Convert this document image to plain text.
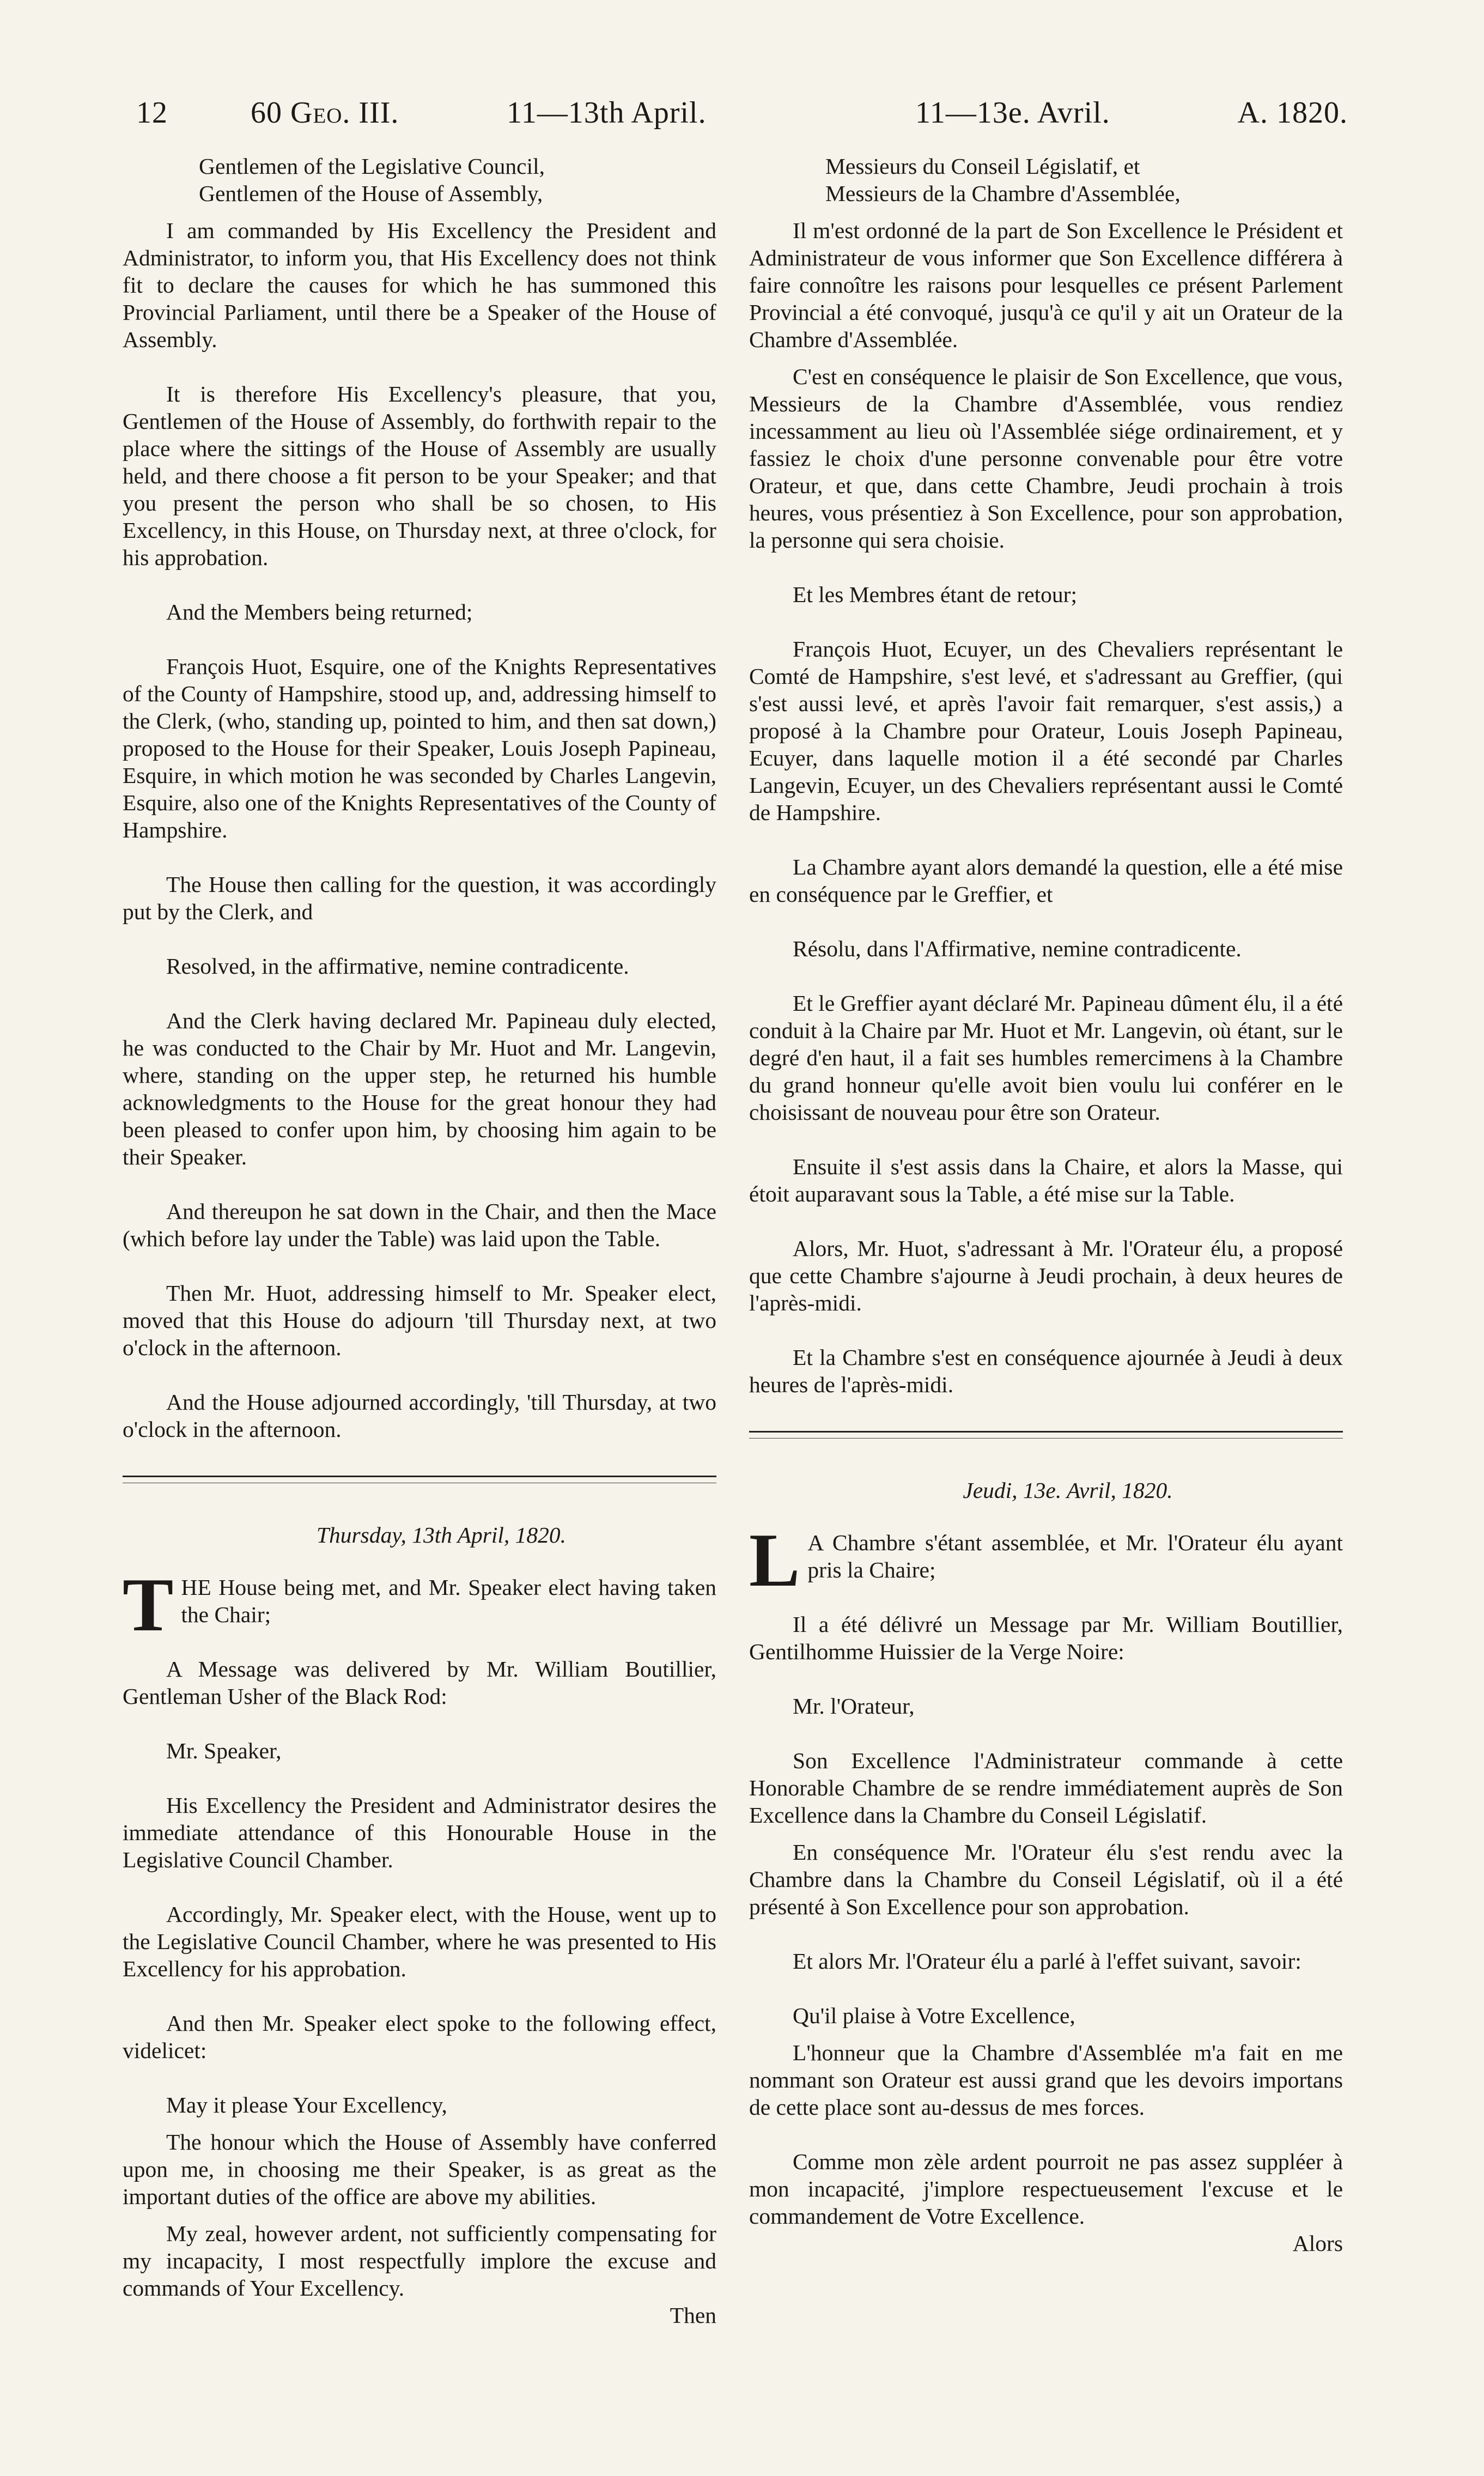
12	60 Geo. III.	11—13th April.	11—13e. Avril.	A. 1820.

Gentlemen of the Legislative Council,

Gentlemen of the House of Assembly,

I am commanded by His Excellency the President and Administrator, to inform you, that His Excellency does not think fit to declare the causes for which he has summoned this Provincial Parliament, until there be a Speaker of the House of Assembly.

It is therefore His Excellency's pleasure, that you, Gentlemen of the House of Assembly, do forthwith repair to the place where the sittings of the House of Assembly are usually held, and there choose a fit person to be your Speaker; and that you present the person who shall be so chosen, to His Excellency, in this House, on Thursday next, at three o'clock, for his approbation.

And the Members being returned;

François Huot, Esquire, one of the Knights Representatives of the County of Hampshire, stood up, and, addressing himself to the Clerk, (who, standing up, pointed to him, and then sat down,) proposed to the House for their Speaker, Louis Joseph Papineau, Esquire, in which motion he was seconded by Charles Langevin, Esquire, also one of the Knights Representatives of the County of Hampshire.

The House then calling for the question, it was accordingly put by the Clerk, and

Resolved, in the affirmative, nemine contradicente.

And the Clerk having declared Mr. Papineau duly elected, he was conducted to the Chair by Mr. Huot and Mr. Langevin, where, standing on the upper step, he returned his humble acknowledgments to the House for the great honour they had been pleased to confer upon him, by choosing him again to be their Speaker.

And thereupon he sat down in the Chair, and then the Mace (which before lay under the Table) was laid upon the Table.

Then Mr. Huot, addressing himself to Mr. Speaker elect, moved that this House do adjourn 'till Thursday next, at two o'clock in the afternoon.

And the House adjourned accordingly, 'till Thursday, at two o'clock in the afternoon.

Thursday, 13th April, 1820.

THE House being met, and Mr. Speaker elect having taken the Chair;

A Message was delivered by Mr. William Boutillier, Gentleman Usher of the Black Rod:

Mr. Speaker,

His Excellency the President and Administrator desires the immediate attendance of this Honourable House in the Legislative Council Chamber.

Accordingly, Mr. Speaker elect, with the House, went up to the Legislative Council Chamber, where he was presented to His Excellency for his approbation.

And then Mr. Speaker elect spoke to the following effect, videlicet:

May it please Your Excellency,

The honour which the House of Assembly have conferred upon me, in choosing me their Speaker, is as great as the important duties of the office are above my abilities.

My zeal, however ardent, not sufficiently compensating for my incapacity, I most respectfully implore the excuse and commands of Your Excellency.

Then

Messieurs du Conseil Législatif, et

Messieurs de la Chambre d'Assemblée,

Il m'est ordonné de la part de Son Excellence le Président et Administrateur de vous informer que Son Excellence différera à faire connoître les raisons pour lesquelles ce présent Parlement Provincial a été convoqué, jusqu'à ce qu'il y ait un Orateur de la Chambre d'Assemblée.

C'est en conséquence le plaisir de Son Excellence, que vous, Messieurs de la Chambre d'Assemblée, vous rendiez incessamment au lieu où l'Assemblée siége ordinairement, et y fassiez le choix d'une personne convenable pour être votre Orateur, et que, dans cette Chambre, Jeudi prochain à trois heures, vous présentiez à Son Excellence, pour son approbation, la personne qui sera choisie.

Et les Membres étant de retour;

François Huot, Ecuyer, un des Chevaliers représentant le Comté de Hampshire, s'est levé, et s'adressant au Greffier, (qui s'est aussi levé, et après l'avoir fait remarquer, s'est assis,) a proposé à la Chambre pour Orateur, Louis Joseph Papineau, Ecuyer, dans laquelle motion il a été secondé par Charles Langevin, Ecuyer, un des Chevaliers représentant aussi le Comté de Hampshire.

La Chambre ayant alors demandé la question, elle a été mise en conséquence par le Greffier, et

Résolu, dans l'Affirmative, nemine contradicente.

Et le Greffier ayant déclaré Mr. Papineau dûment élu, il a été conduit à la Chaire par Mr. Huot et Mr. Langevin, où étant, sur le degré d'en haut, il a fait ses humbles remercimens à la Chambre du grand honneur qu'elle avoit bien voulu lui conférer en le choisissant de nouveau pour être son Orateur.

Ensuite il s'est assis dans la Chaire, et alors la Masse, qui étoit auparavant sous la Table, a été mise sur la Table.

Alors, Mr. Huot, s'adressant à Mr. l'Orateur élu, a proposé que cette Chambre s'ajourne à Jeudi prochain, à deux heures de l'après-midi.

Et la Chambre s'est en conséquence ajournée à Jeudi à deux heures de l'après-midi.

Jeudi, 13e. Avril, 1820.

L A Chambre s'étant assemblée, et Mr. l'Orateur élu ayant pris la Chaire;

Il a été délivré un Message par Mr. William Boutillier, Gentilhomme Huissier de la Verge Noire:

Mr. l'Orateur,

Son Excellence l'Administrateur commande à cette Honorable Chambre de se rendre immédiatement auprès de Son Excellence dans la Chambre du Conseil Législatif.

En conséquence Mr. l'Orateur élu s'est rendu avec la Chambre dans la Chambre du Conseil Législatif, où il a été présenté à Son Excellence pour son approbation.

Et alors Mr. l'Orateur élu a parlé à l'effet suivant, savoir:

Qu'il plaise à Votre Excellence,

L'honneur que la Chambre d'Assemblée m'a fait en me nommant son Orateur est aussi grand que les devoirs importans de cette place sont au-dessus de mes forces.

Comme mon zèle ardent pourroit ne pas assez suppléer à mon incapacité, j'implore respectueusement l'excuse et le commandement de Votre Excellence.

Alors
